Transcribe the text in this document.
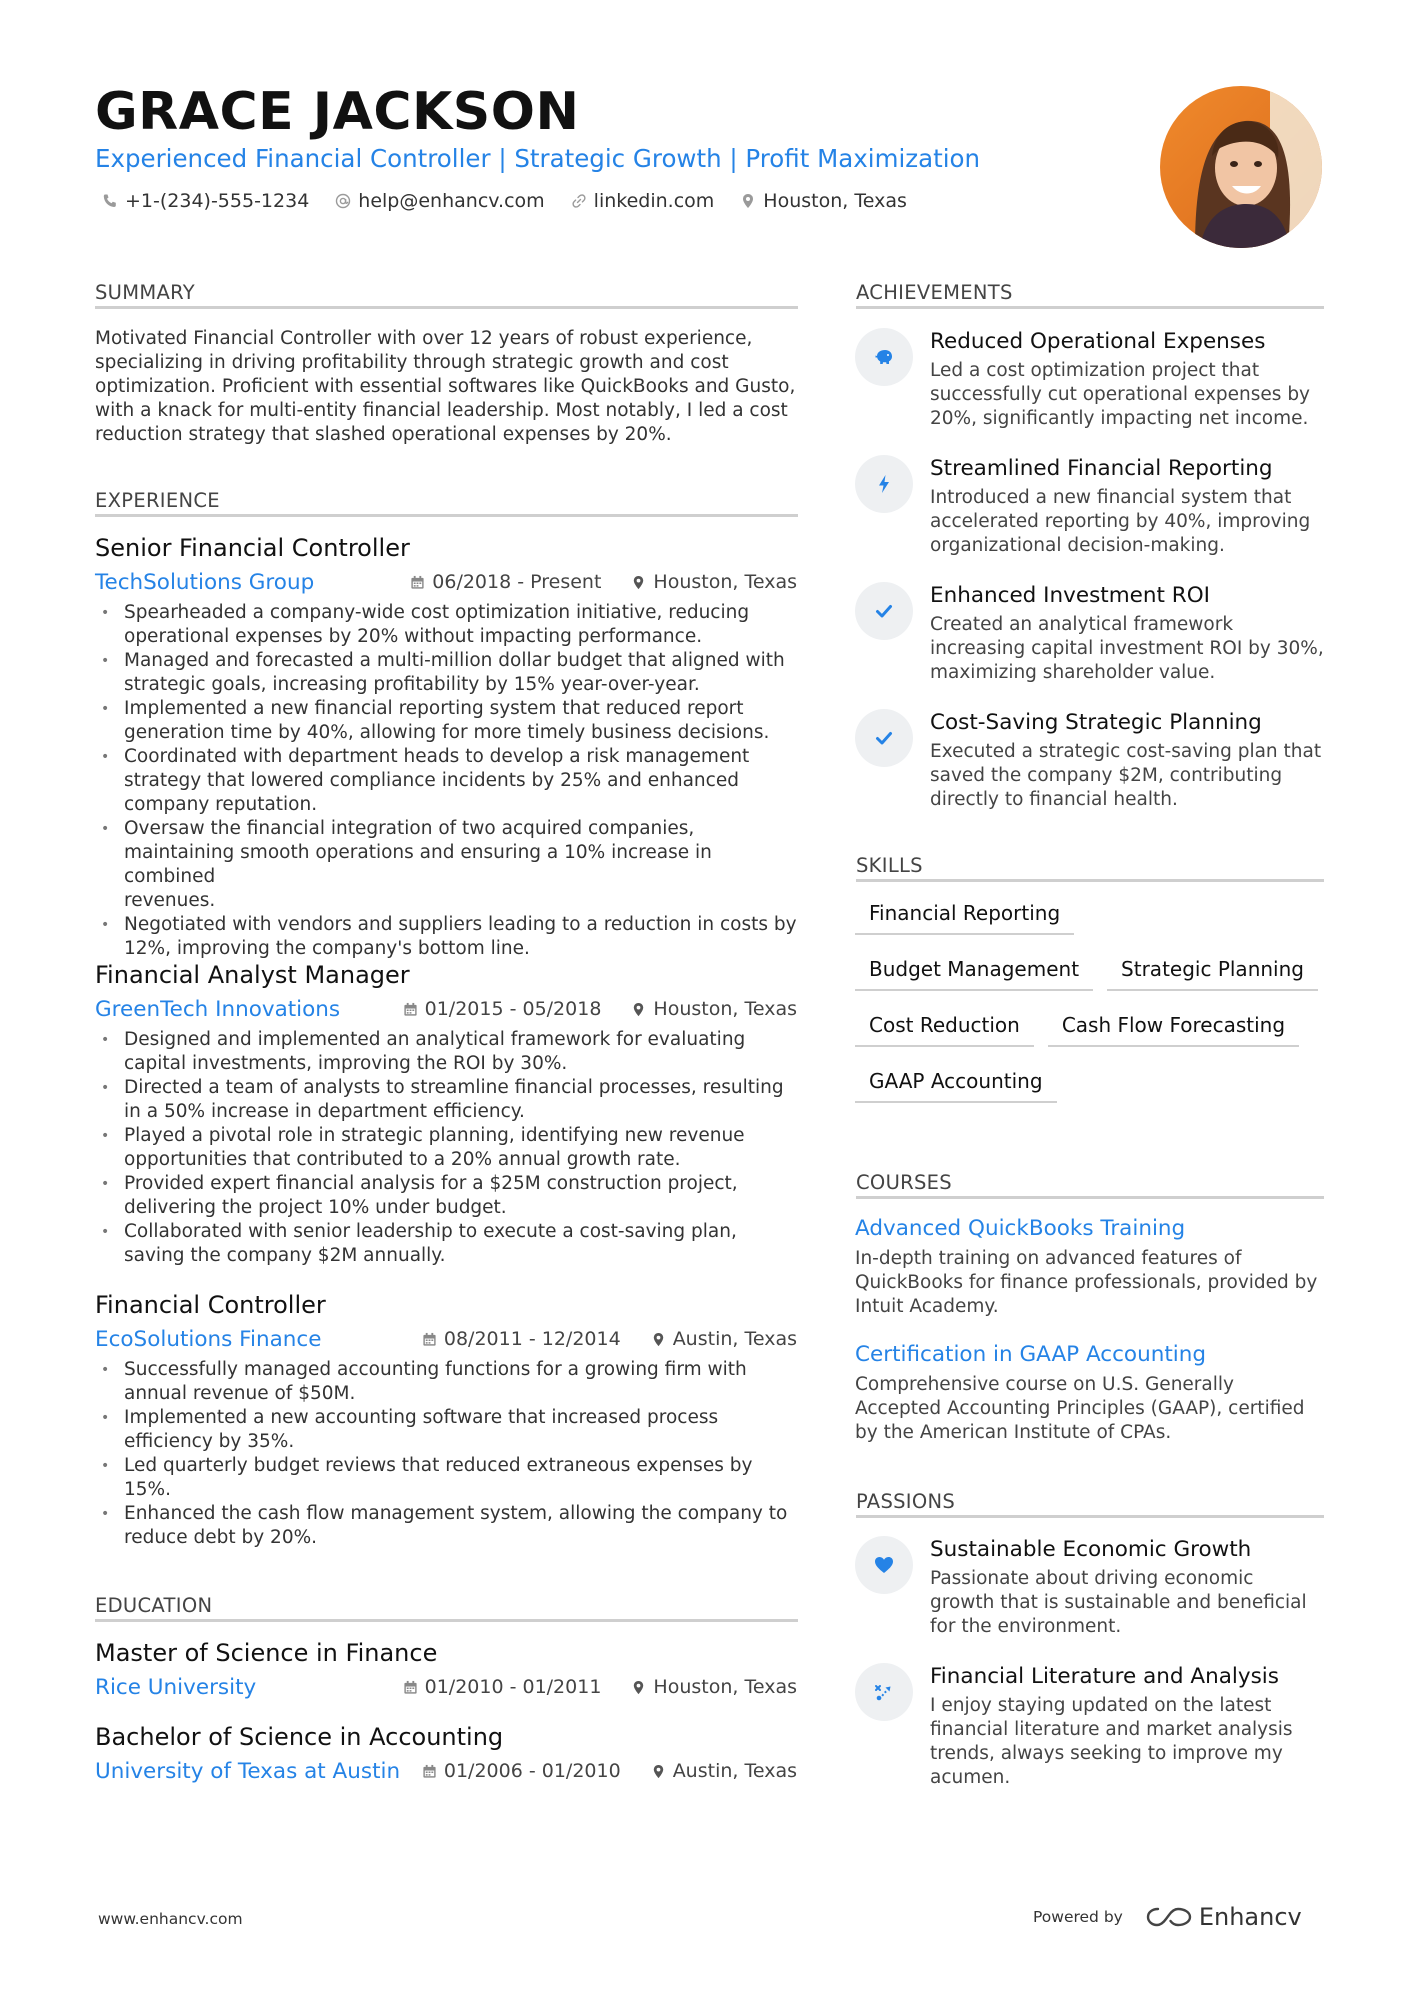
GRACE JACKSON
Experienced Financial Controller | Strategic Growth | Profit Maximization
+1-(234)-555-1234	help@enhancv.com	linkedin.com	Houston, Texas
SUMMARY
Motivated Financial Controller with over 12 years of robust experience,
specializing in driving profitability through strategic growth and cost
optimization. Proficient with essential softwares like QuickBooks and Gusto,
with a knack for multi-entity financial leadership. Most notably, I led a cost
reduction strategy that slashed operational expenses by 20%.
EXPERIENCE
Senior Financial Controller
TechSolutions Group	06/2018 - Present	Houston, Texas
• Spearheaded a company-wide cost optimization initiative, reducing
operational expenses by 20% without impacting performance.
• Managed and forecasted a multi-million dollar budget that aligned with
strategic goals, increasing profitability by 15% year-over-year.
• Implemented a new financial reporting system that reduced report
generation time by 40%, allowing for more timely business decisions.
• Coordinated with department heads to develop a risk management
strategy that lowered compliance incidents by 25% and enhanced
company reputation.
• Oversaw the financial integration of two acquired companies,
maintaining smooth operations and ensuring a 10% increase in combined
revenues.
• Negotiated with vendors and suppliers leading to a reduction in costs by
12%, improving the company's bottom line.
Financial Analyst Manager
GreenTech Innovations	01/2015 - 05/2018	Houston, Texas
• Designed and implemented an analytical framework for evaluating
capital investments, improving the ROI by 30%.
• Directed a team of analysts to streamline financial processes, resulting
in a 50% increase in department efficiency.
• Played a pivotal role in strategic planning, identifying new revenue
opportunities that contributed to a 20% annual growth rate.
• Provided expert financial analysis for a $25M construction project,
delivering the project 10% under budget.
• Collaborated with senior leadership to execute a cost-saving plan,
saving the company $2M annually.
Financial Controller
EcoSolutions Finance	08/2011 - 12/2014	Austin, Texas
• Successfully managed accounting functions for a growing firm with
annual revenue of $50M.
• Implemented a new accounting software that increased process
efficiency by 35%.
• Led quarterly budget reviews that reduced extraneous expenses by
15%.
• Enhanced the cash flow management system, allowing the company to
reduce debt by 20%.
EDUCATION
Master of Science in Finance
Rice University	01/2010 - 01/2011	Houston, Texas
Bachelor of Science in Accounting
University of Texas at Austin	01/2006 - 01/2010	Austin, Texas
ACHIEVEMENTS
Reduced Operational Expenses
Led a cost optimization project that
successfully cut operational expenses by
20%, significantly impacting net income.
Streamlined Financial Reporting
Introduced a new financial system that
accelerated reporting by 40%, improving
organizational decision-making.
Enhanced Investment ROI
Created an analytical framework
increasing capital investment ROI by 30%,
maximizing shareholder value.
Cost-Saving Strategic Planning
Executed a strategic cost-saving plan that
saved the company $2M, contributing
directly to financial health.
SKILLS
Financial Reporting
Budget Management	Strategic Planning
Cost Reduction	Cash Flow Forecasting
GAAP Accounting
COURSES
Advanced QuickBooks Training
In-depth training on advanced features of
QuickBooks for finance professionals, provided by
Intuit Academy.
Certification in GAAP Accounting
Comprehensive course on U.S. Generally
Accepted Accounting Principles (GAAP), certified
by the American Institute of CPAs.
PASSIONS
Sustainable Economic Growth
Passionate about driving economic
growth that is sustainable and beneficial
for the environment.
Financial Literature and Analysis
I enjoy staying updated on the latest
financial literature and market analysis
trends, always seeking to improve my
acumen.
www.enhancv.com	Powered by	Enhancv
